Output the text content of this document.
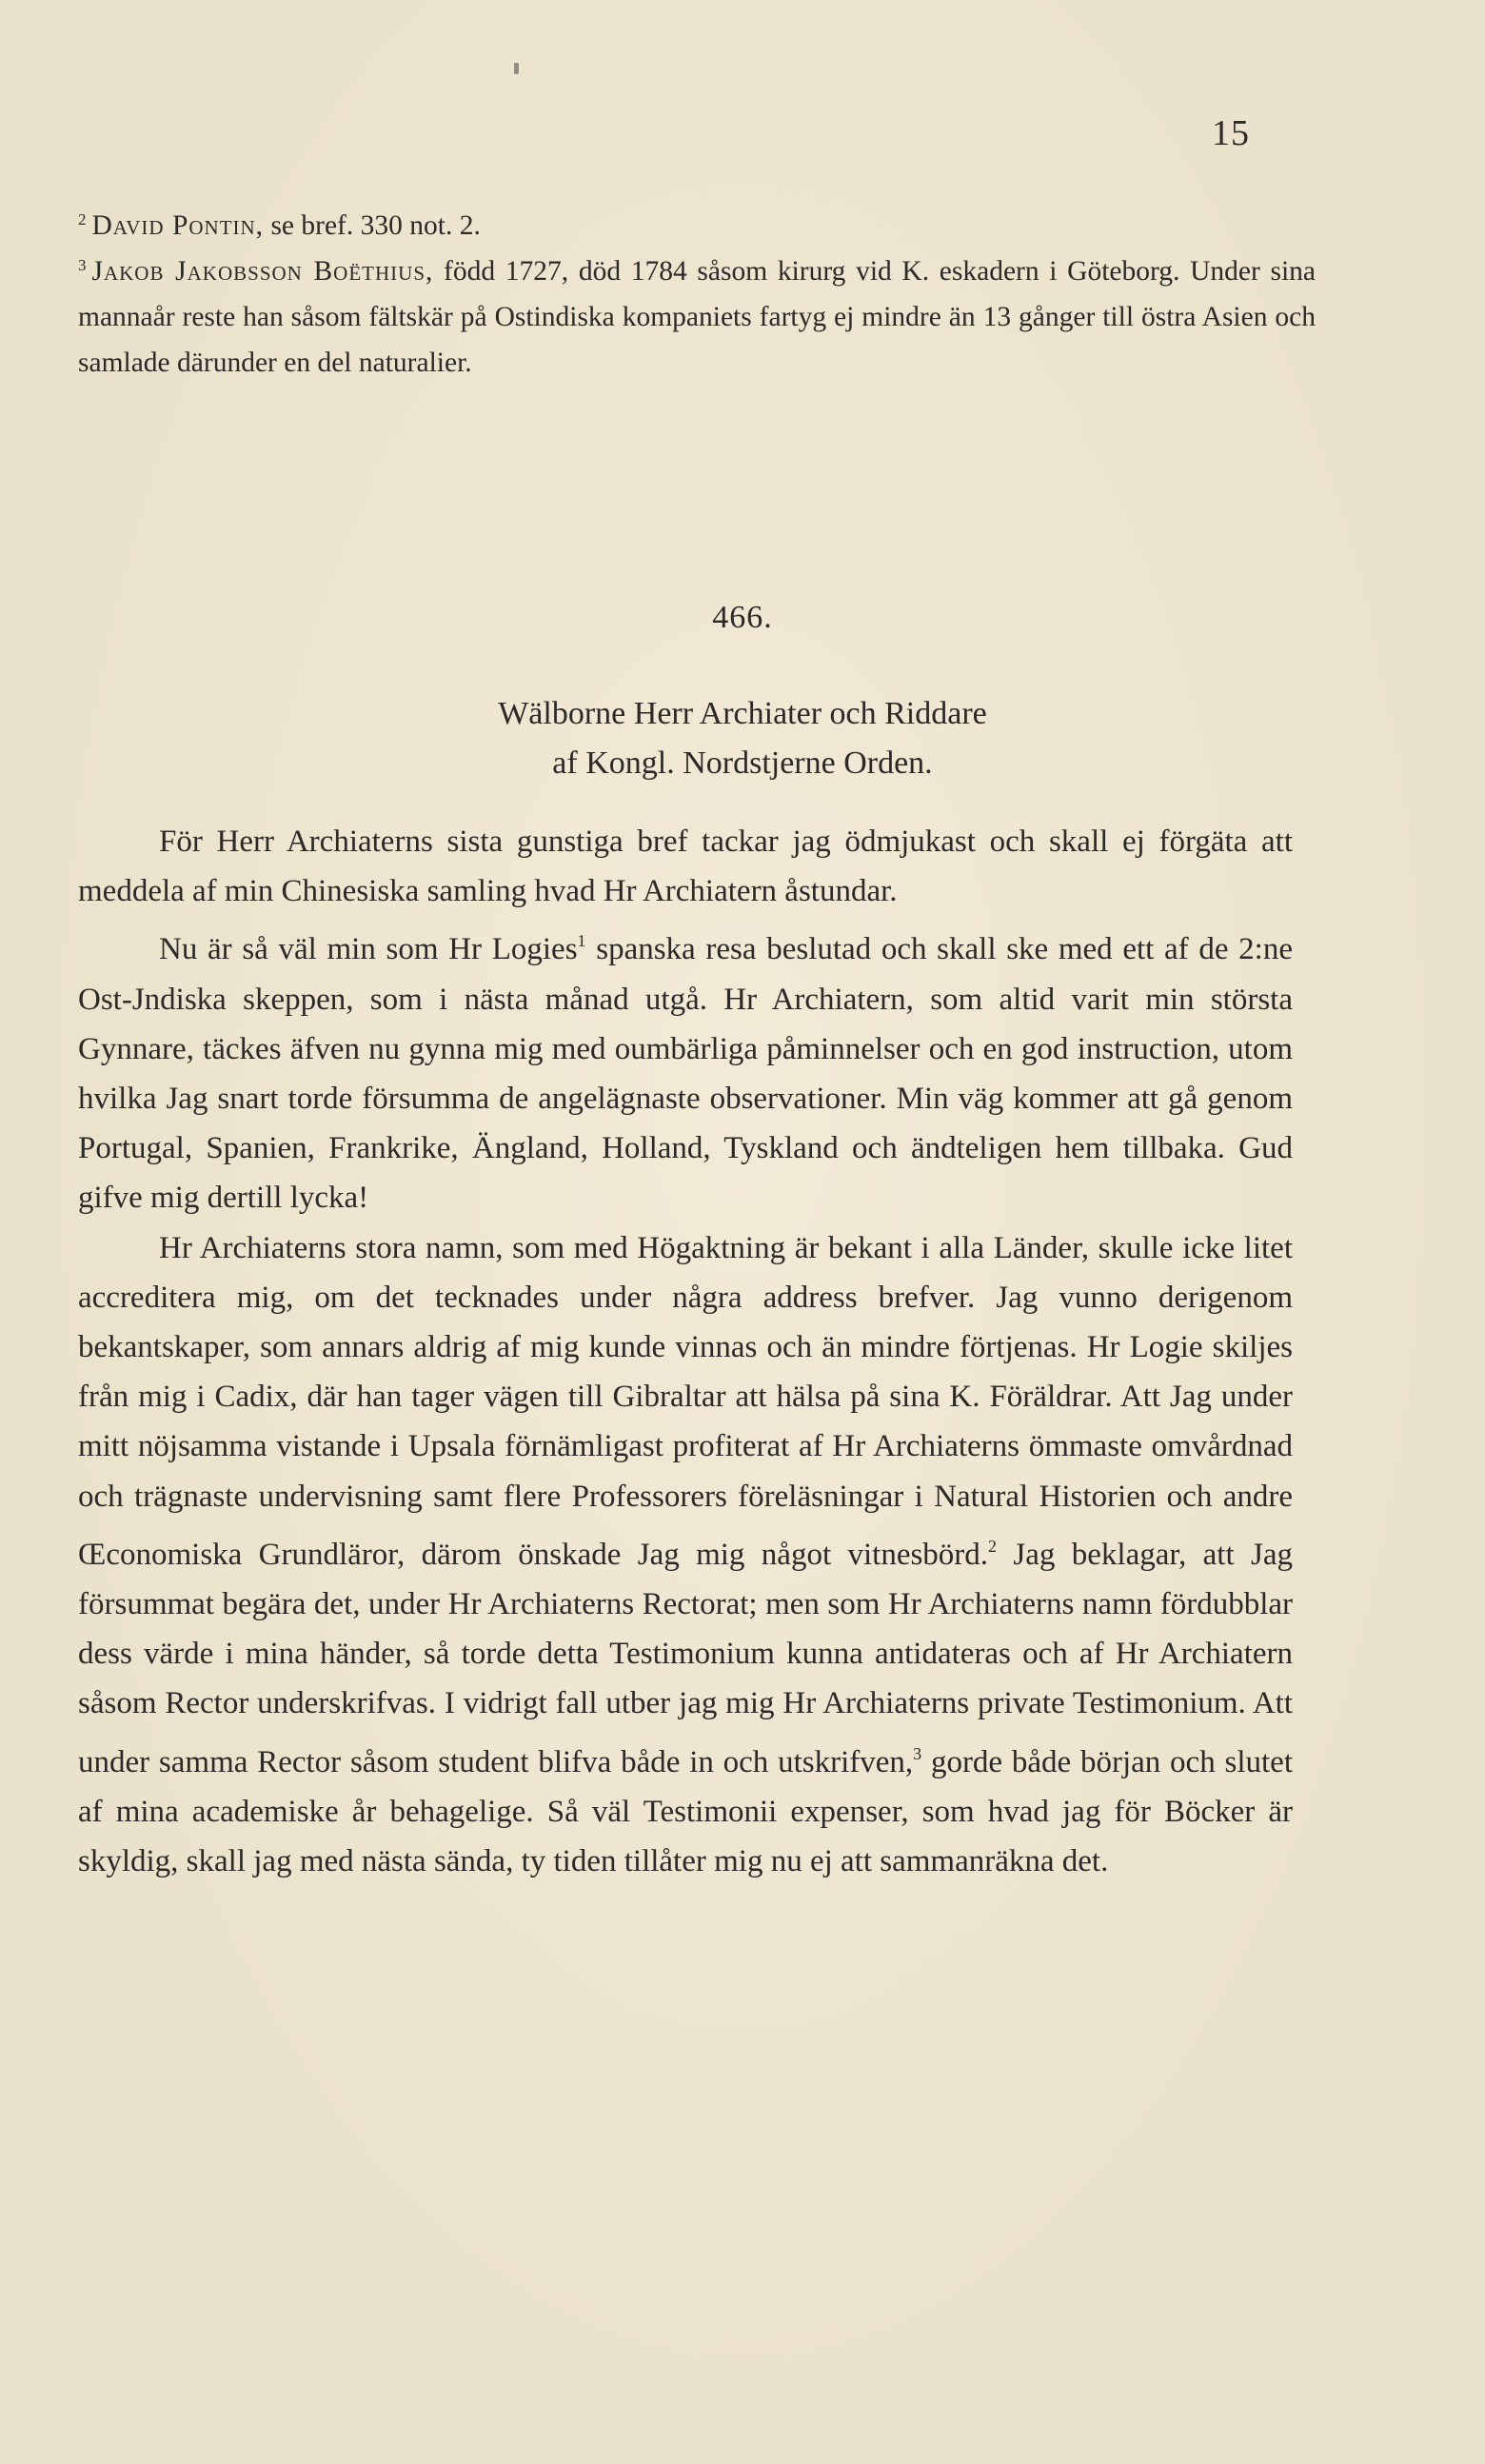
15
$^2$ David Pontin, se bref. 330 not. 2.
$^3$ Jakob Jakobsson Boëthius, född 1727, död 1784 såsom kirurg vid K. eskadern i Göteborg. Under sina mannaår reste han såsom fältskär på Ostindiska kompaniets fartyg ej mindre än 13 gånger till östra Asien och samlade därunder en del naturalier.
466.
Wälborne Herr Archiater och Riddare
af Kongl. Nordstjerne Orden.

För Herr Archiaterns sista gunstiga bref tackar jag ödmjukast och skall ej förgäta att meddela af min Chinesiska samling hvad Hr Archiatern åstundar.

Nu är så väl min som Hr Logies$^1$ spanska resa beslutad och skall ske med ett af de 2:ne Ost-Jndiska skeppen, som i nästa månad utgå. Hr Archiatern, som altid varit min största Gynnare, täckes äfven nu gynna mig med oumbärliga påminnelser och en god instruction, utom hvilka Jag snart torde försumma de angelägnaste observationer. Min väg kommer att gå genom Portugal, Spanien, Frankrike, Ängland, Holland, Tyskland och ändteligen hem tillbaka. Gud gifve mig dertill lycka!

Hr Archiaterns stora namn, som med Högaktning är bekant i alla Länder, skulle icke litet accreditera mig, om det tecknades under några address brefver. Jag vunno derigenom bekantskaper, som annars aldrig af mig kunde vinnas och än mindre förtjenas. Hr Logie skiljes från mig i Cadix, där han tager vägen till Gibraltar att hälsa på sina K. Föräldrar. Att Jag under mitt nöjsamma vistande i Upsala förnämligast profiterat af Hr Archiaterns ömmaste omvårdnad och trägnaste undervisning samt flere Professorers föreläsningar i Natural Historien och andre Œconomiska Grundläror, därom önskade Jag mig något vitnesbörd.$^2$ Jag beklagar, att Jag försummat begära det, under Hr Archiaterns Rectorat; men som Hr Archiaterns namn fördubblar dess värde i mina händer, så torde detta Testimonium kunna antidateras och af Hr Archiatern såsom Rector underskrifvas. I vidrigt fall utber jag mig Hr Archiaterns private Testimonium. Att under samma Rector såsom student blifva både in och utskrifven,$^3$ gorde både början och slutet af mina academiske år behagelige. Så väl Testimonii expenser, som hvad jag för Böcker är skyldig, skall jag med nästa sända, ty tiden tillåter mig nu ej att sammanräkna det.
